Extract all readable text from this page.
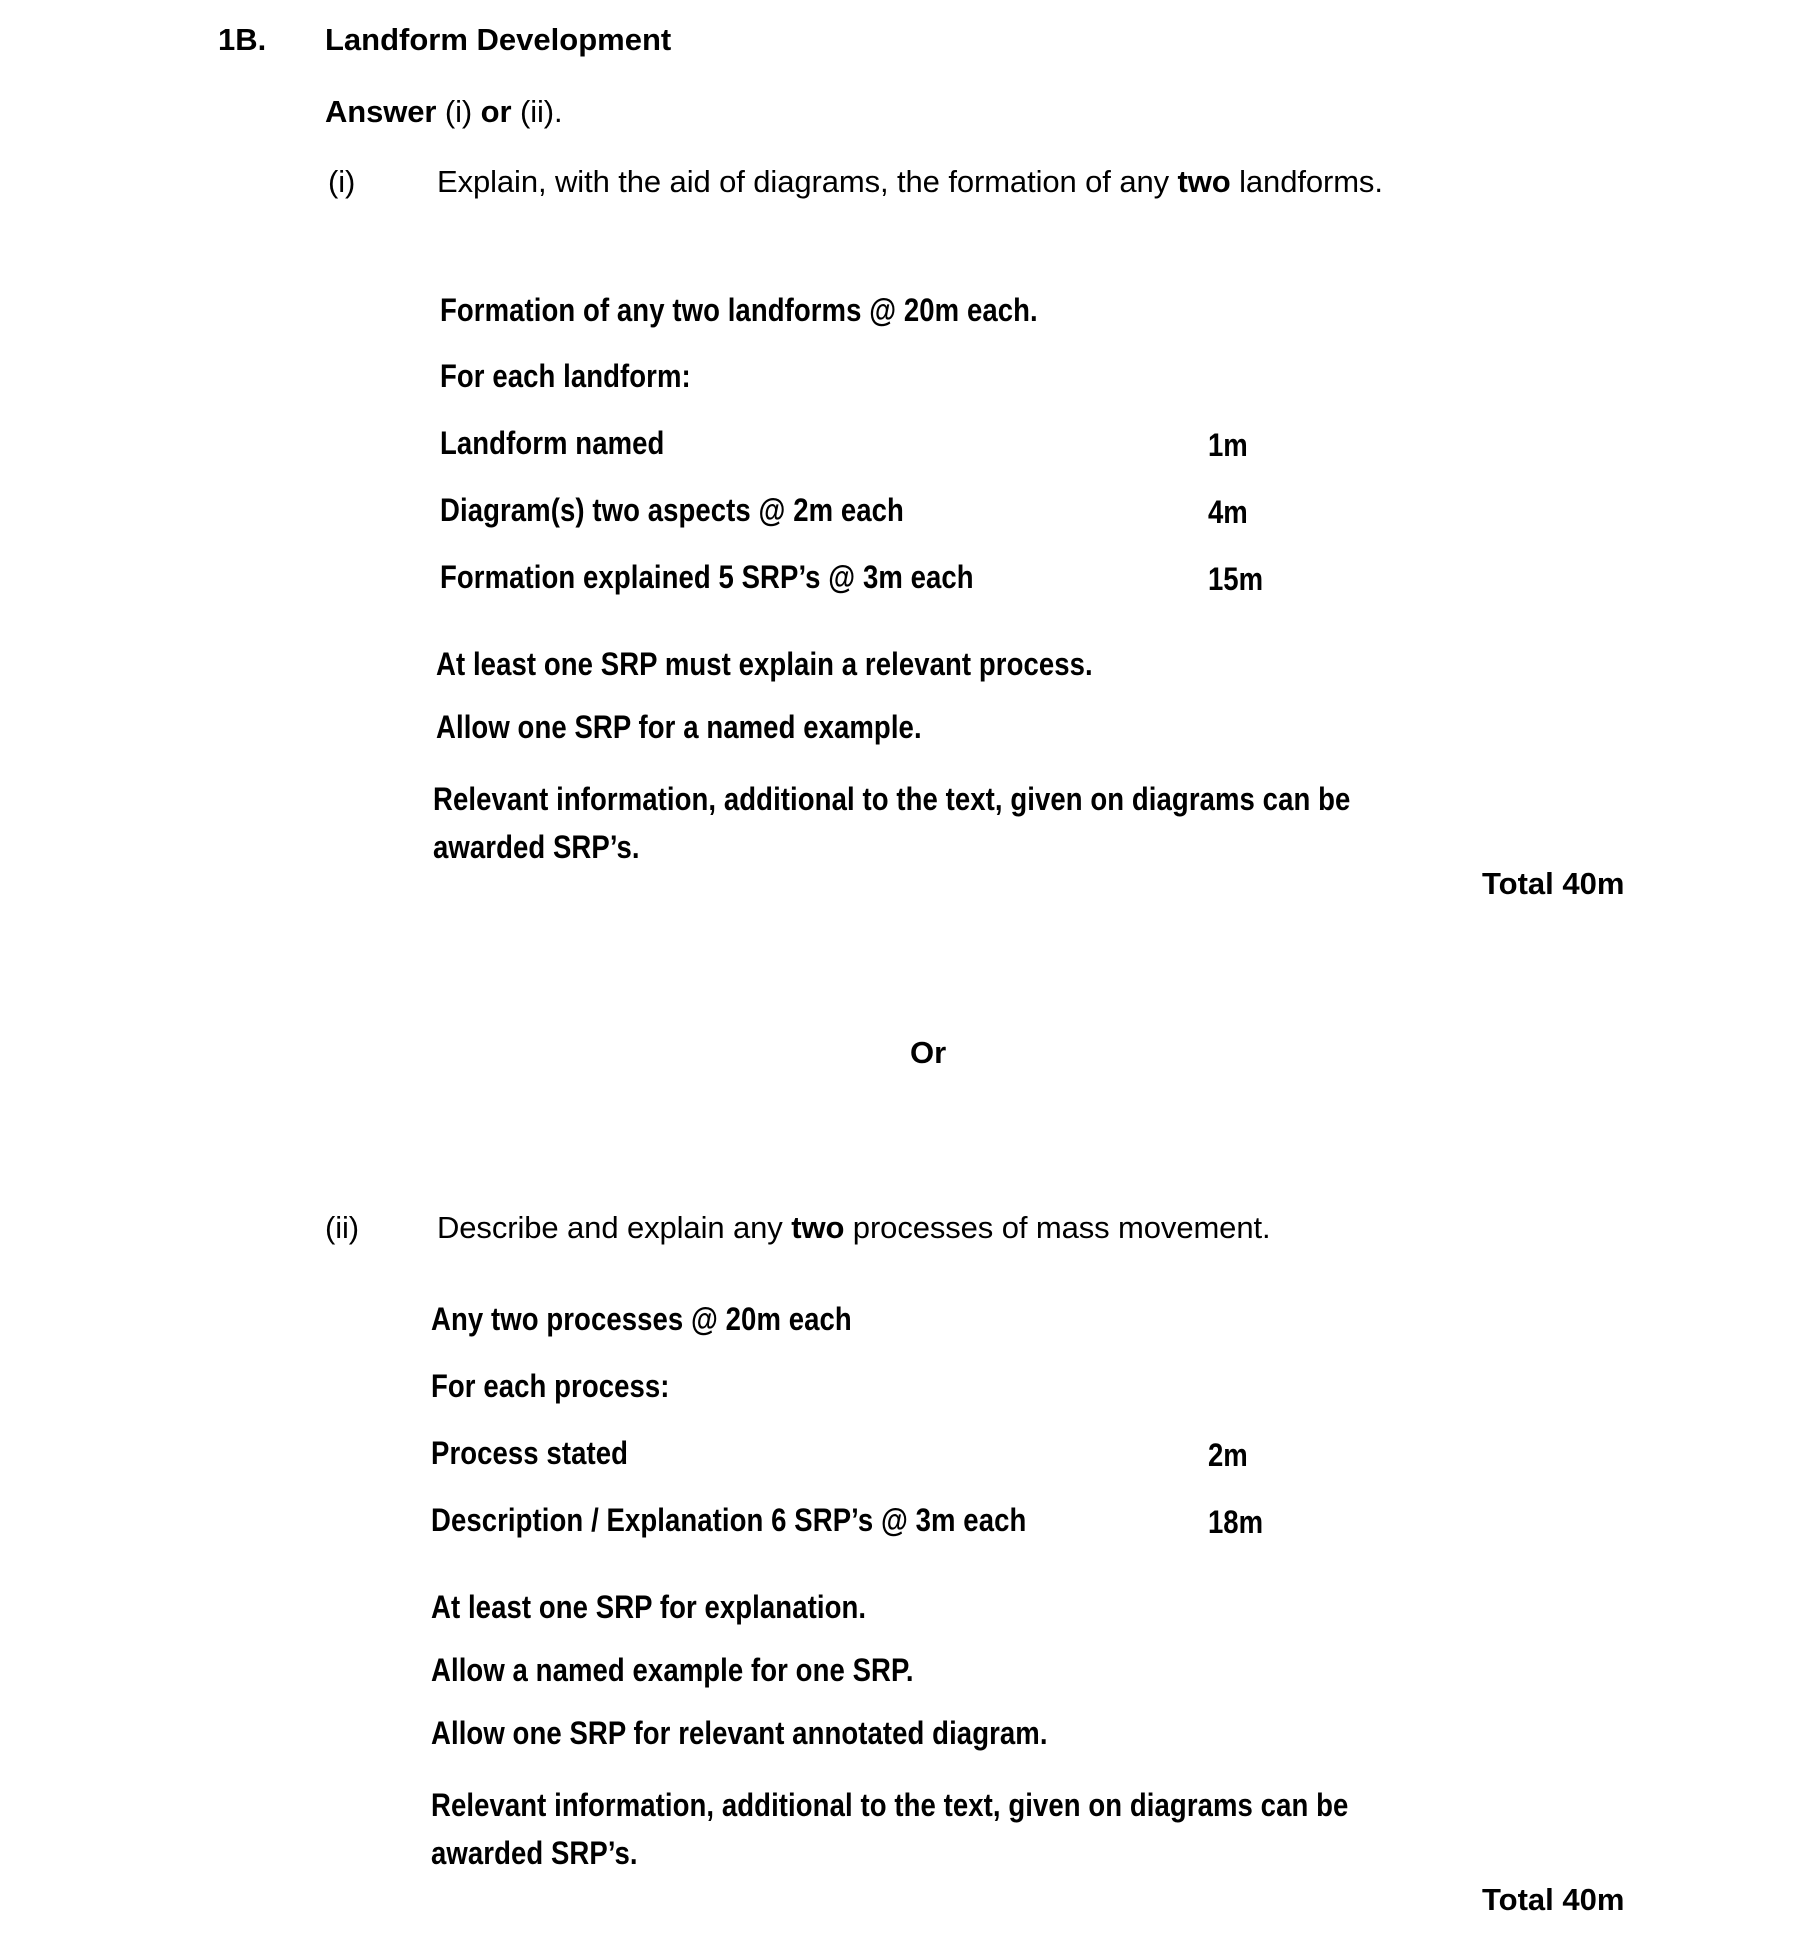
1B. Landform Development
Answer (i) or (ii).
(i)	Explain, with the aid of diagrams, the formation of any two landforms.
Formation of any two landforms @ 20m each.
For each landform:
Landform named	1m
Diagram(s) two aspects @ 2m each	4m
Formation explained 5 SRP’s @ 3m each	15m
At least one SRP must explain a relevant process.
Allow one SRP for a named example.
Relevant information, additional to the text, given on diagrams can be awarded SRP’s.
Total 40m
Or
(ii)	Describe and explain any two processes of mass movement.
Any two processes @ 20m each
For each process:
Process stated	2m
Description / Explanation 6 SRP’s @ 3m each	18m
At least one SRP for explanation.
Allow a named example for one SRP.
Allow one SRP for relevant annotated diagram.
Relevant information, additional to the text, given on diagrams can be awarded SRP’s.
Total 40m
